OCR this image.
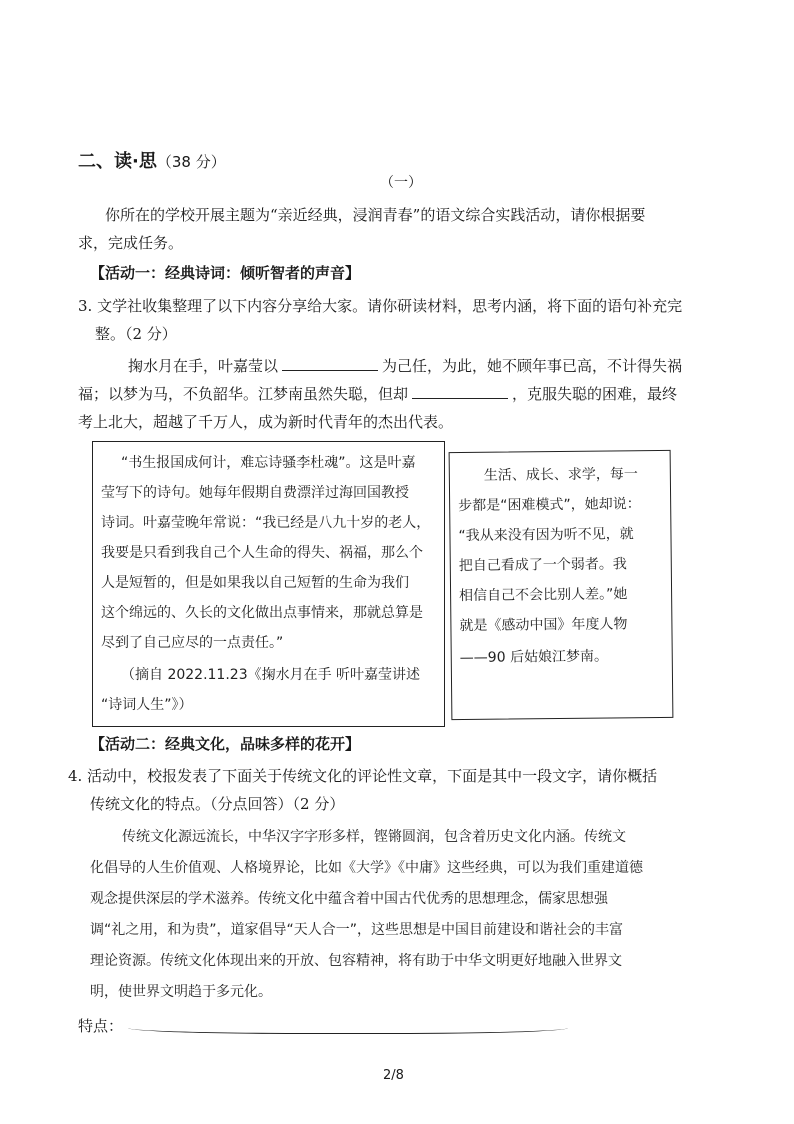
二、读·思（38 分）
（一）
你所在的学校开展主题为“亲近经典，浸润青春”的语文综合实践活动，请你根据要
求，完成任务。
【活动一：经典诗词：倾听智者的声音】
3. 文学社收集整理了以下内容分享给大家。请你研读材料，思考内涵，将下面的语句补充完
整。（2 分）
掬水月在手，叶嘉莹以	为己任，为此，她不顾年事已高，不计得失祸
福；以梦为马，不负韶华。江梦南虽然失聪，但却	，克服失聪的困难，最终
考上北大，超越了千万人，成为新时代青年的杰出代表。
“书生报国成何计，难忘诗骚李杜魂”。这是叶嘉
莹写下的诗句。她每年假期自费漂洋过海回国教授
诗词。叶嘉莹晚年常说：“我已经是八九十岁的老人，
我要是只看到我自己个人生命的得失、祸福，那么个
人是短暂的，但是如果我以自己短暂的生命为我们
这个绵远的、久长的文化做出点事情来，那就总算是
尽到了自己应尽的一点责任。”
（摘自 2022.11.23《掬水月在手 听叶嘉莹讲述
“诗词人生”》）
生活、成长、求学，每一
步都是“困难模式”，她却说：
“我从来没有因为听不见，就
把自己看成了一个弱者。我
相信自己不会比别人差。”她
就是《感动中国》年度人物
——90 后姑娘江梦南。
【活动二：经典文化，品味多样的花开】
4. 活动中，校报发表了下面关于传统文化的评论性文章，下面是其中一段文字，请你概括
传统文化的特点。（分点回答）（2 分）
传统文化源远流长，中华汉字字形多样，铿锵圆润，包含着历史文化内涵。传统文
化倡导的人生价值观、人格境界论，比如《大学》《中庸》这些经典，可以为我们重建道德
观念提供深层的学术滋养。传统文化中蕴含着中国古代优秀的思想理念，儒家思想强
调“礼之用，和为贵”，道家倡导“天人合一”，这些思想是中国目前建设和谐社会的丰富
理论资源。传统文化体现出来的开放、包容精神，将有助于中华文明更好地融入世界文
明，使世界文明趋于多元化。
特点：
2/8
